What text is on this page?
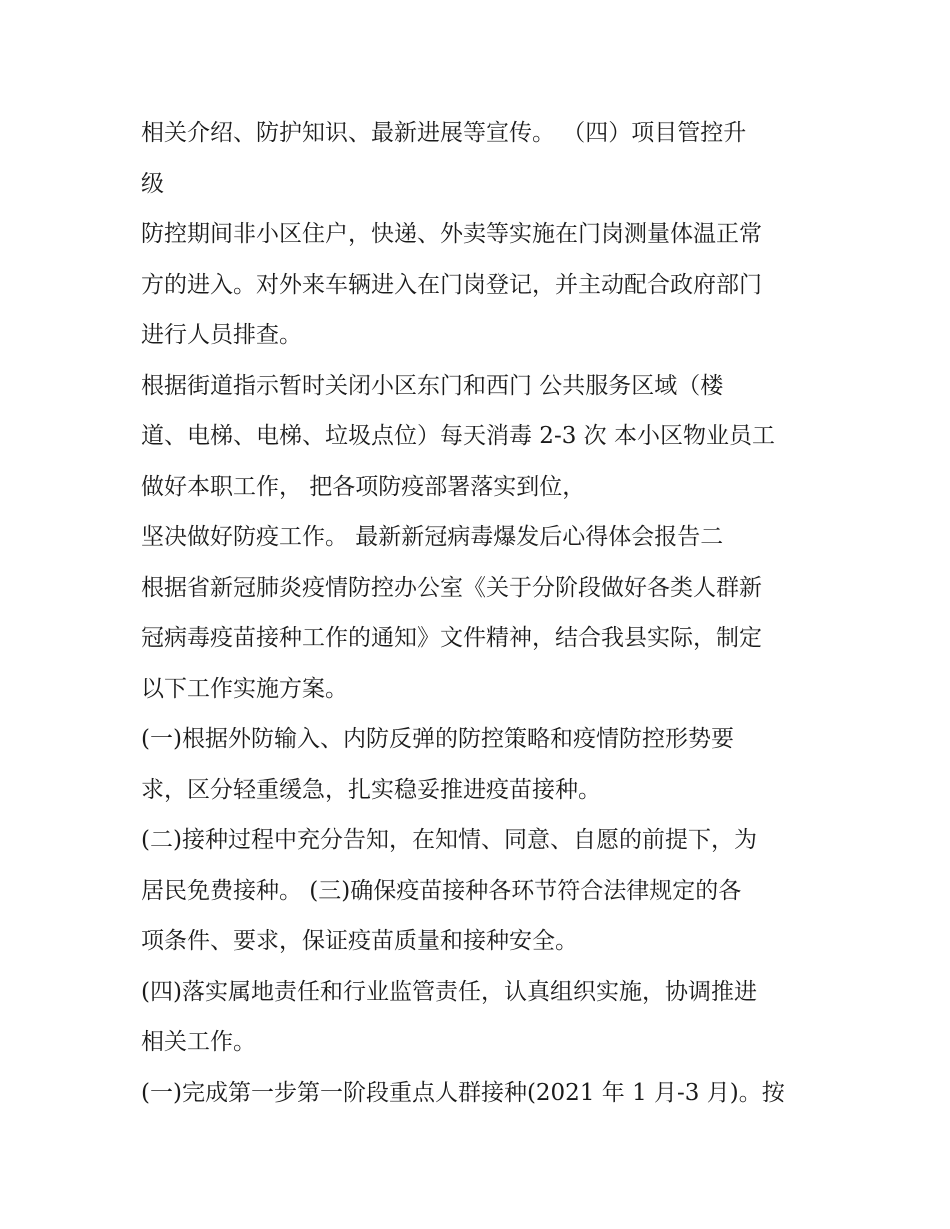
相关介绍、防护知识、最新进展等宣传。 （四）项目管控升
级
防控期间非小区住户，快递、外卖等实施在门岗测量体温正常
方的进入。对外来车辆进入在门岗登记，并主动配合政府部门
进行人员排查。
根据街道指示暂时关闭小区东门和西门 公共服务区域（楼
道、电梯、电梯、垃圾点位）每天消毒 2-3 次 本小区物业员工
做好本职工作， 把各项防疫部署落实到位，
坚决做好防疫工作。 最新新冠病毒爆发后心得体会报告二
根据省新冠肺炎疫情防控办公室《关于分阶段做好各类人群新
冠病毒疫苗接种工作的通知》文件精神，结合我县实际，制定
以下工作实施方案。
(一)根据外防输入、内防反弹的防控策略和疫情防控形势要
求，区分轻重缓急，扎实稳妥推进疫苗接种。
(二)接种过程中充分告知，在知情、同意、自愿的前提下，为
居民免费接种。 (三)确保疫苗接种各环节符合法律规定的各
项条件、要求，保证疫苗质量和接种安全。
(四)落实属地责任和行业监管责任，认真组织实施，协调推进
相关工作。
(一)完成第一步第一阶段重点人群接种(2021 年 1 月-3 月)。按
